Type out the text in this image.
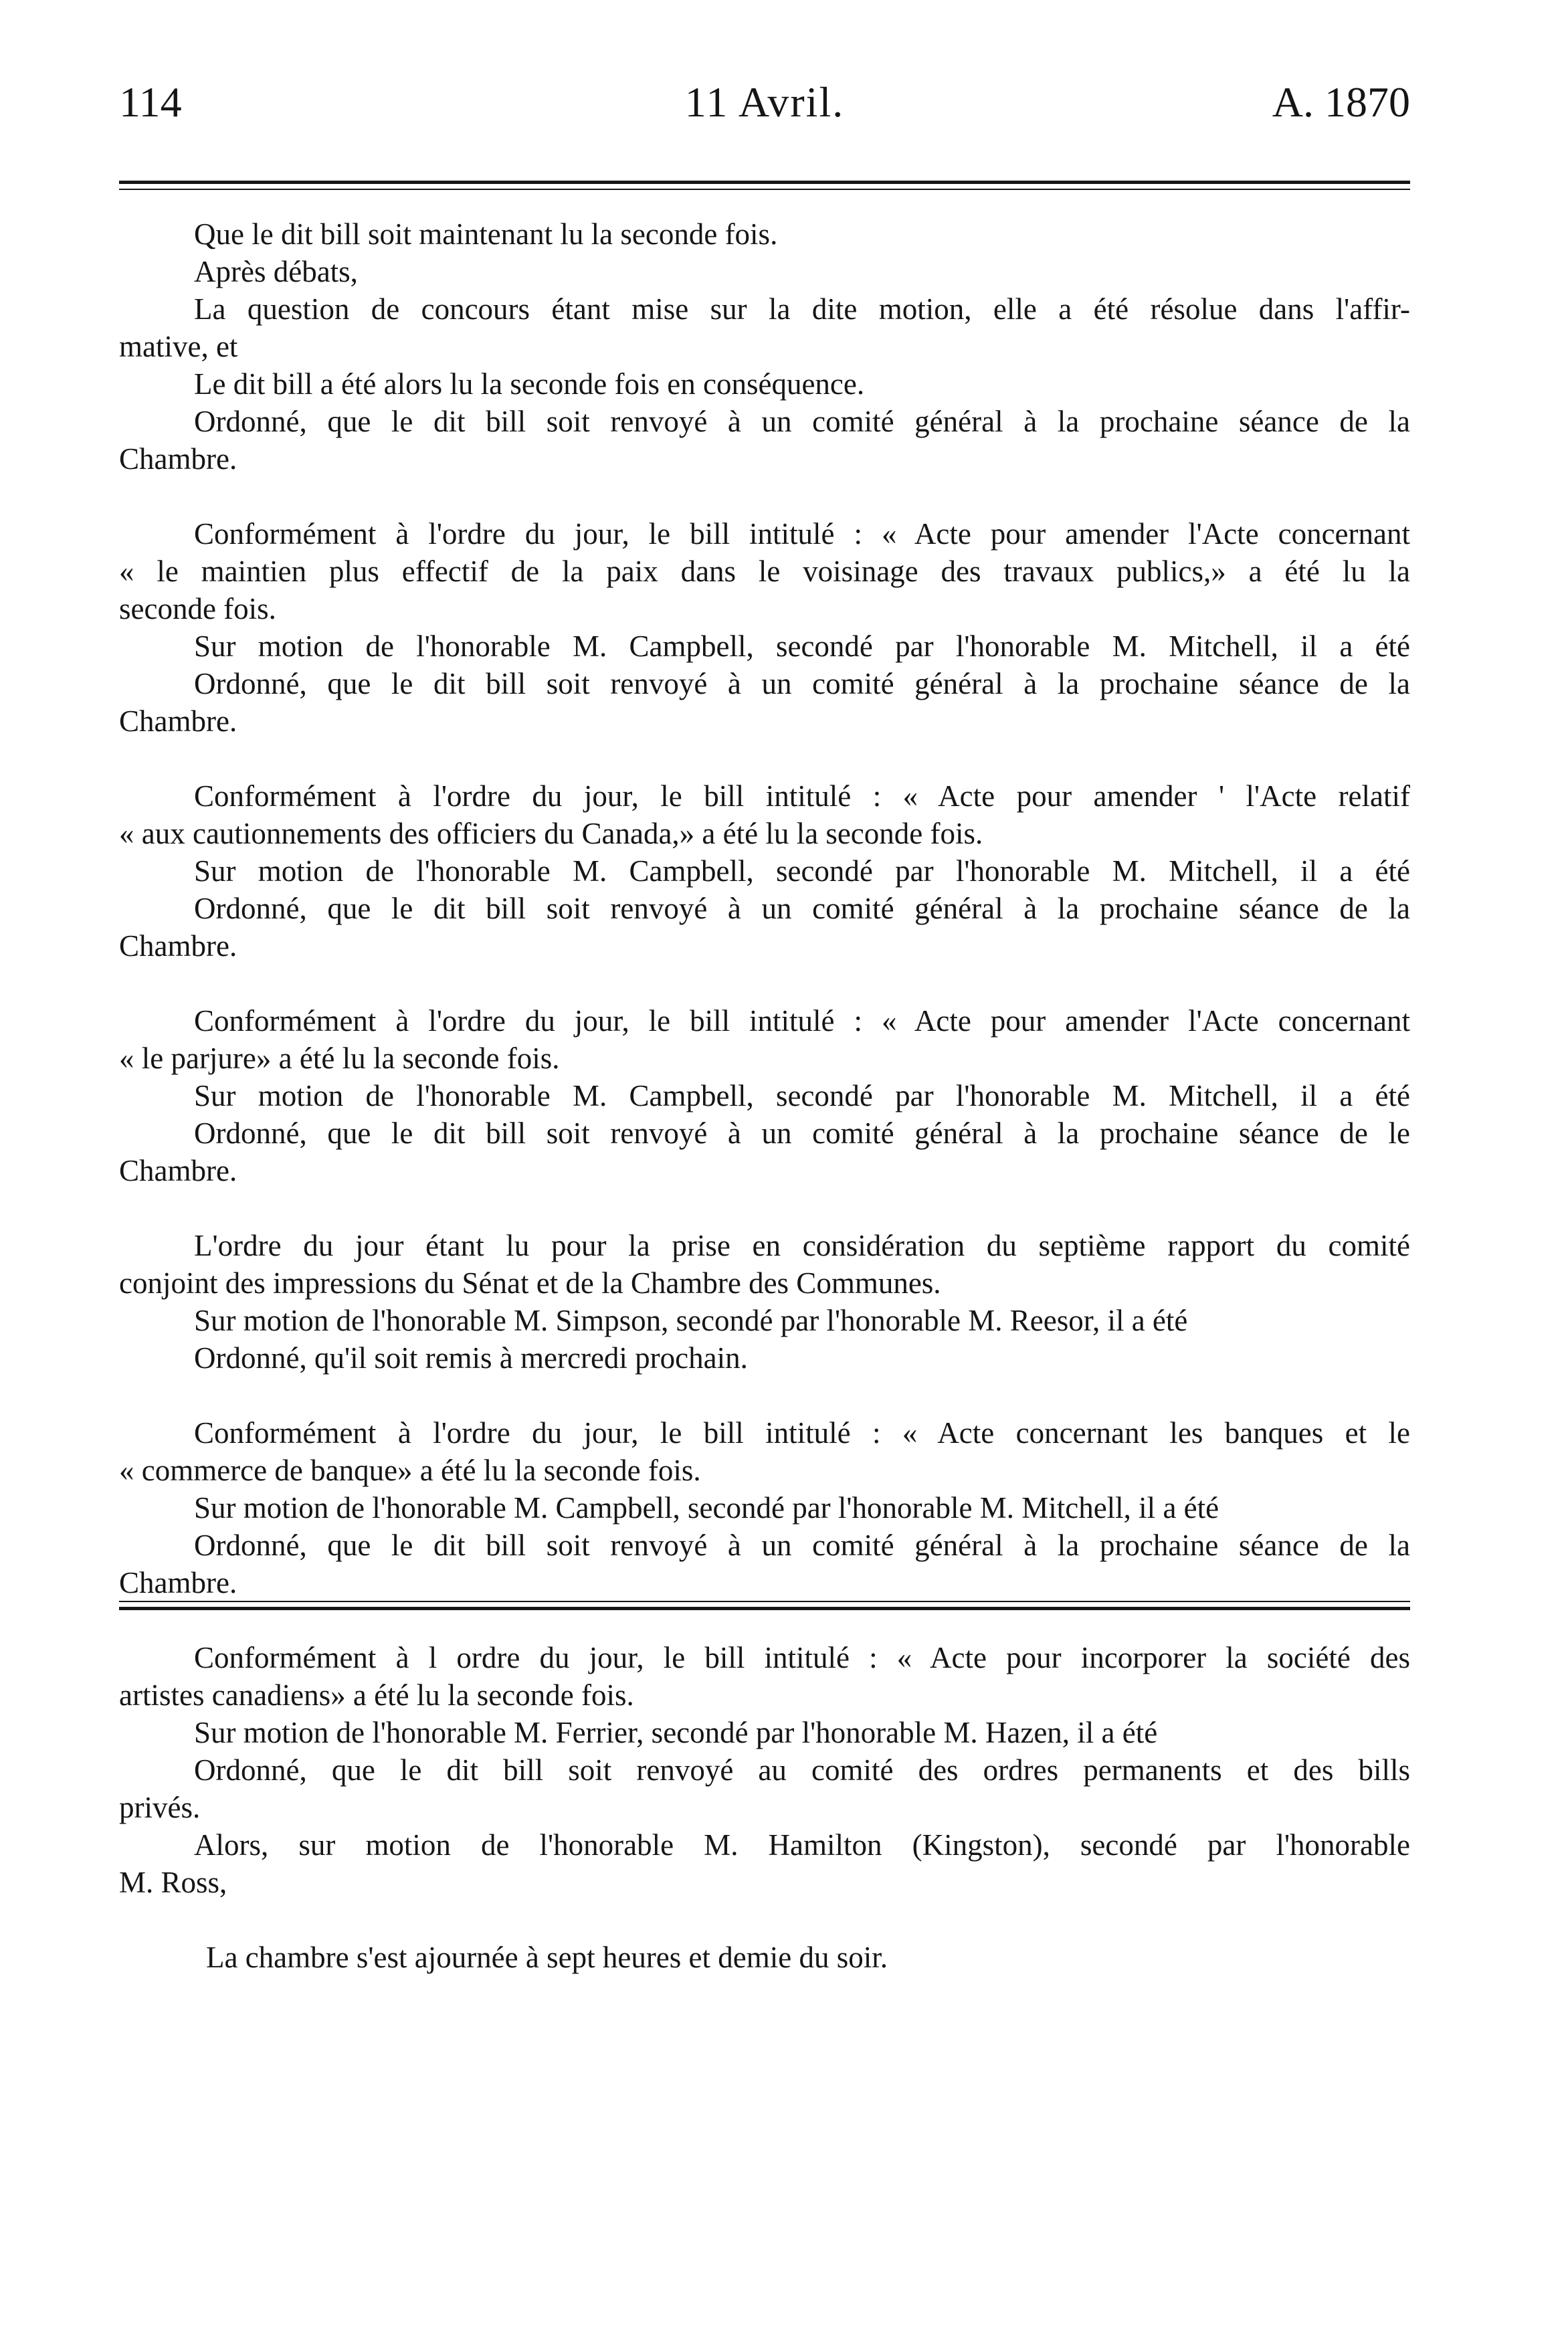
114	11 Avril.	A. 1870
Que le dit bill soit maintenant lu la seconde fois.
Après débats,
La question de concours étant mise sur la dite motion, elle a été résolue dans l'affir-
mative, et
Le dit bill a été alors lu la seconde fois en conséquence.
Ordonné, que le dit bill soit renvoyé à un comité général à la prochaine séance de la
Chambre.
Conformément à l'ordre du jour, le bill intitulé : « Acte pour amender l'Acte concernant
« le maintien plus effectif de la paix dans le voisinage des travaux publics,» a été lu la
seconde fois.
Sur motion de l'honorable M. Campbell, secondé par l'honorable M. Mitchell, il a été
Ordonné, que le dit bill soit renvoyé à un comité général à la prochaine séance de la
Chambre.
Conformément à l'ordre du jour, le bill intitulé : « Acte pour amender ' l'Acte relatif
« aux cautionnements des officiers du Canada,» a été lu la seconde fois.
Sur motion de l'honorable M. Campbell, secondé par l'honorable M. Mitchell, il a été
Ordonné, que le dit bill soit renvoyé à un comité général à la prochaine séance de la
Chambre.
Conformément à l'ordre du jour, le bill intitulé : « Acte pour amender l'Acte concernant
« le parjure» a été lu la seconde fois.
Sur motion de l'honorable M. Campbell, secondé par l'honorable M. Mitchell, il a été
Ordonné, que le dit bill soit renvoyé à un comité général à la prochaine séance de le
Chambre.
L'ordre du jour étant lu pour la prise en considération du septième rapport du comité
conjoint des impressions du Sénat et de la Chambre des Communes.
Sur motion de l'honorable M. Simpson, secondé par l'honorable M. Reesor, il a été
Ordonné, qu'il soit remis à mercredi prochain.
Conformément à l'ordre du jour, le bill intitulé : « Acte concernant les banques et le
« commerce de banque» a été lu la seconde fois.
Sur motion de l'honorable M. Campbell, secondé par l'honorable M. Mitchell, il a été
Ordonné, que le dit bill soit renvoyé à un comité général à la prochaine séance de la
Chambre.
Conformément à l ordre du jour, le bill intitulé : « Acte pour incorporer la société des
artistes canadiens» a été lu la seconde fois.
Sur motion de l'honorable M. Ferrier, secondé par l'honorable M. Hazen, il a été
Ordonné, que le dit bill soit renvoyé au comité des ordres permanents et des bills
privés.
Alors, sur motion de l'honorable M. Hamilton (Kingston), secondé par l'honorable
M. Ross,
La chambre s'est ajournée à sept heures et demie du soir.
